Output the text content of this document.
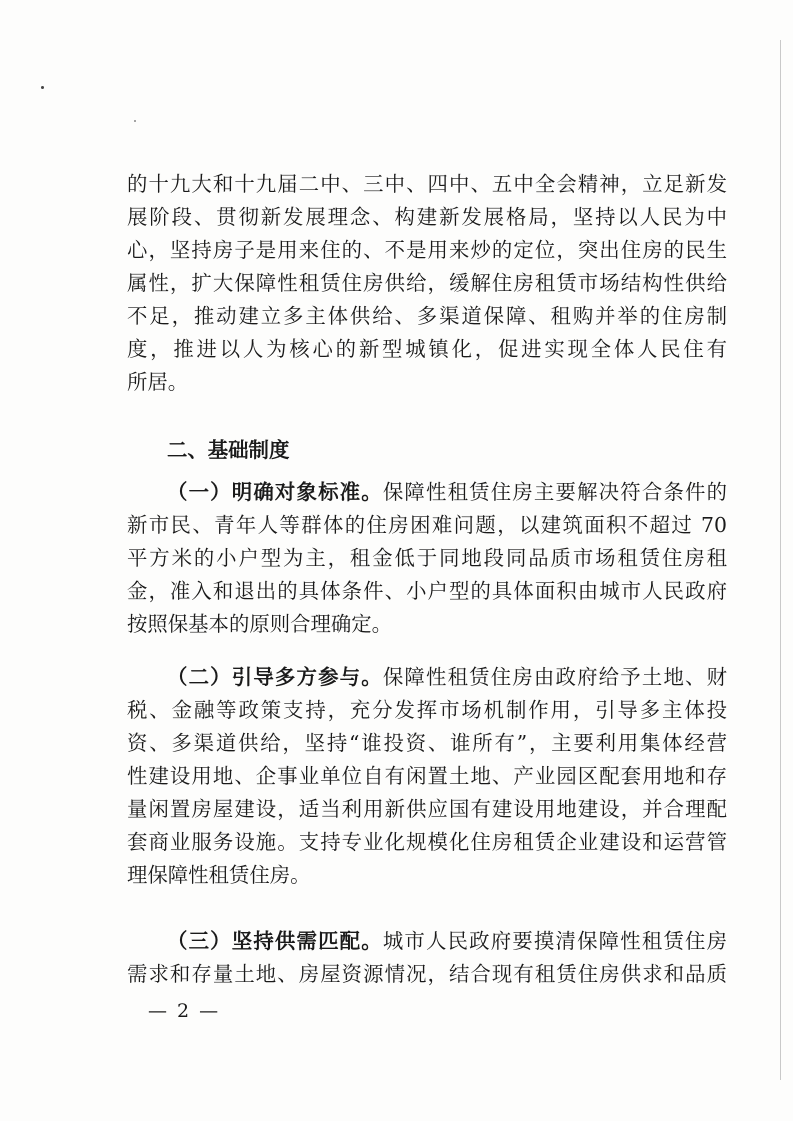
的十九大和十九届二中、三中、四中、五中全会精神，立足新发
展阶段、贯彻新发展理念、构建新发展格局，坚持以人民为中
心，坚持房子是用来住的、不是用来炒的定位，突出住房的民生
属性，扩大保障性租赁住房供给，缓解住房租赁市场结构性供给
不足，推动建立多主体供给、多渠道保障、租购并举的住房制
度，推进以人为核心的新型城镇化，促进实现全体人民住有
所居。
二、基础制度
（一）明确对象标准。保障性租赁住房主要解决符合条件的
新市民、青年人等群体的住房困难问题，以建筑面积不超过 70
平方米的小户型为主，租金低于同地段同品质市场租赁住房租
金，准入和退出的具体条件、小户型的具体面积由城市人民政府
按照保基本的原则合理确定。
（二）引导多方参与。保障性租赁住房由政府给予土地、财
税、金融等政策支持，充分发挥市场机制作用，引导多主体投
资、多渠道供给，坚持“谁投资、谁所有”，主要利用集体经营
性建设用地、企事业单位自有闲置土地、产业园区配套用地和存
量闲置房屋建设，适当利用新供应国有建设用地建设，并合理配
套商业服务设施。支持专业化规模化住房租赁企业建设和运营管
理保障性租赁住房。
（三）坚持供需匹配。城市人民政府要摸清保障性租赁住房
需求和存量土地、房屋资源情况，结合现有租赁住房供求和品质
— 2 —
